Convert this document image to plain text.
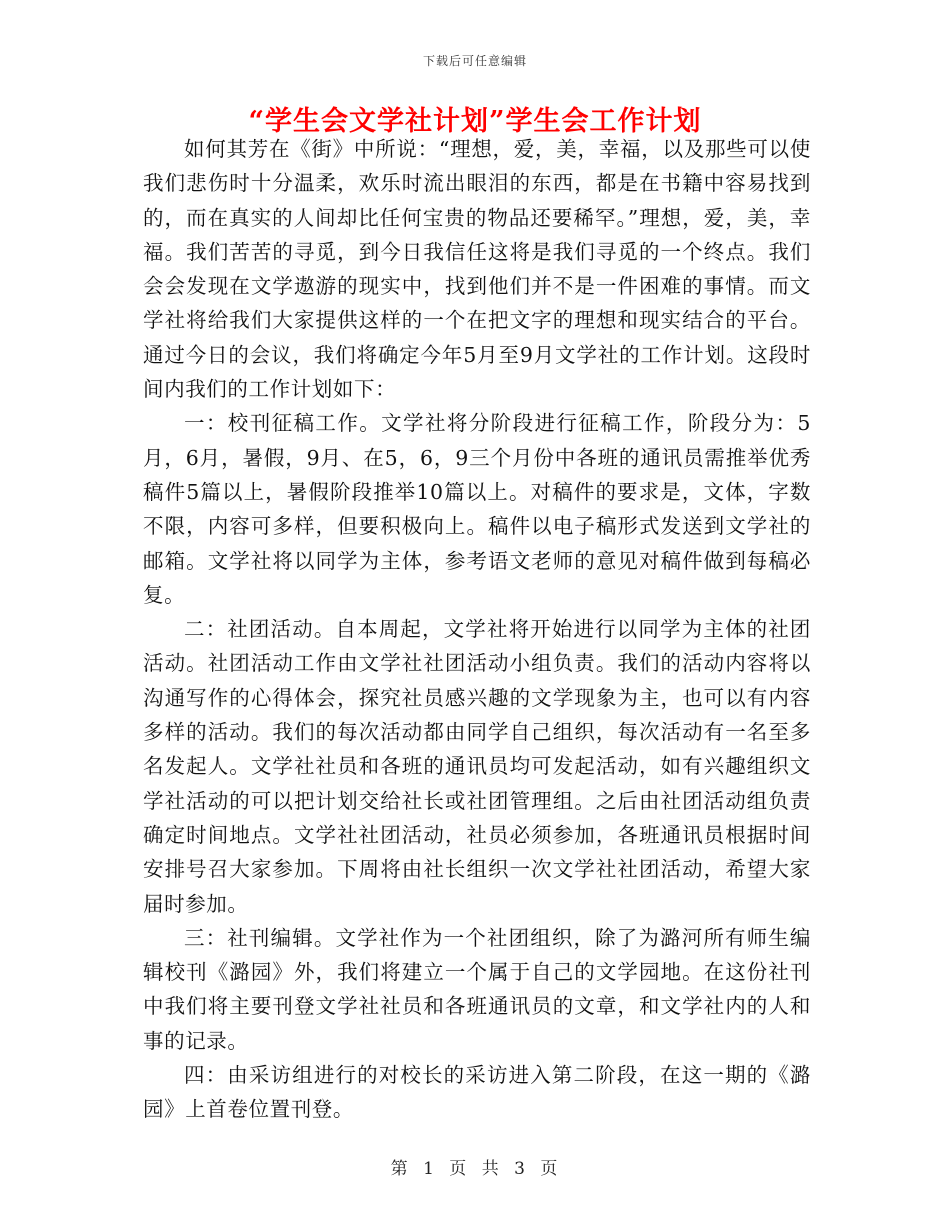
下载后可任意编辑
“学生会文学社计划”学生会工作计划

如何其芳在《街》中所说：“理想，爱，美，幸福，以及那些可以使我们悲伤时十分温柔，欢乐时流出眼泪的东西，都是在书籍中容易找到的，而在真实的人间却比任何宝贵的物品还要稀罕。”理想，爱，美，幸福。我们苦苦的寻觅，到今日我信任这将是我们寻觅的一个终点。我们会会发现在文学遨游的现实中，找到他们并不是一件困难的事情。而文学社将给我们大家提供这样的一个在把文字的理想和现实结合的平台。通过今日的会议，我们将确定今年5月至9月文学社的工作计划。这段时间内我们的工作计划如下：

一：校刊征稿工作。文学社将分阶段进行征稿工作，阶段分为：5月，6月，暑假，9月、在5，6，9三个月份中各班的通讯员需推举优秀稿件5篇以上，暑假阶段推举10篇以上。对稿件的要求是，文体，字数不限，内容可多样，但要积极向上。稿件以电子稿形式发送到文学社的邮箱。文学社将以同学为主体，参考语文老师的意见对稿件做到每稿必复。

二：社团活动。自本周起，文学社将开始进行以同学为主体的社团活动。社团活动工作由文学社社团活动小组负责。我们的活动内容将以沟通写作的心得体会，探究社员感兴趣的文学现象为主，也可以有内容多样的活动。我们的每次活动都由同学自己组织，每次活动有一名至多名发起人。文学社社员和各班的通讯员均可发起活动，如有兴趣组织文学社活动的可以把计划交给社长或社团管理组。之后由社团活动组负责确定时间地点。文学社社团活动，社员必须参加，各班通讯员根据时间安排号召大家参加。下周将由社长组织一次文学社社团活动，希望大家届时参加。

三：社刊编辑。文学社作为一个社团组织，除了为潞河所有师生编辑校刊《潞园》外，我们将建立一个属于自己的文学园地。在这份社刊中我们将主要刊登文学社社员和各班通讯员的文章，和文学社内的人和事的记录。

四：由采访组进行的对校长的采访进入第二阶段，在这一期的《潞园》上首卷位置刊登。

第 1 页 共 3 页
